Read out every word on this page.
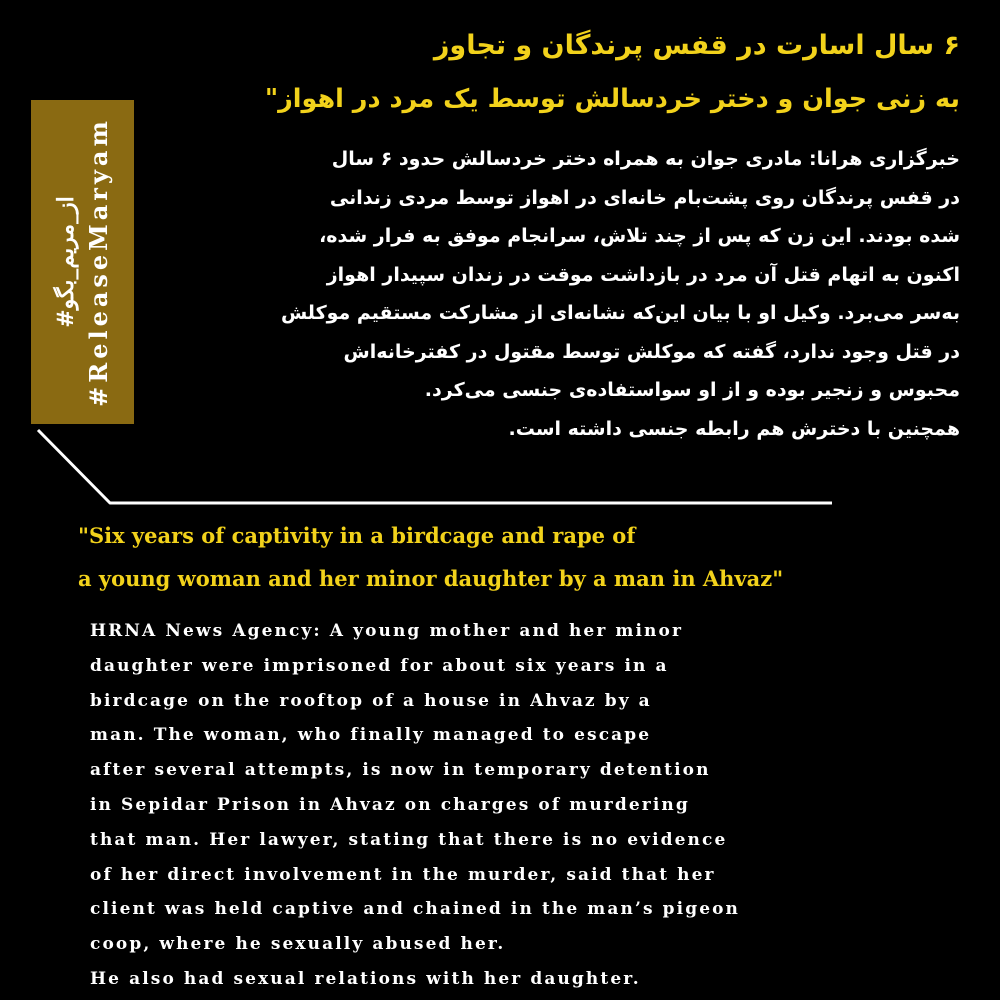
۶ سال اسارت در قفس پرندگان و تجاوز
به زنی جوان و دختر خردسالش توسط یک مرد در اهواز"
خبرگزاری هرانا: مادری جوان به همراه دختر خردسالش حدود ۶ سال
در قفس پرندگان روی پشت‌بام خانه‌ای در اهواز توسط مردی زندانی
شده بودند. این زن که پس از چند تلاش، سرانجام موفق به فرار شده،
اکنون به اتهام قتل آن مرد در بازداشت موقت در زندان سپیدار اهواز
به‌سر می‌برد. وکیل او با بیان این‌که نشانه‌ای از مشارکت مستقیم موکلش
در قتل وجود ندارد، گفته که موکلش توسط مقتول در کفترخانه‌اش
محبوس و زنجیر بوده و از او سواستفاده‌ی جنسی می‌کرد.
همچنین با دخترش هم رابطه جنسی داشته است.
#از_مریم_بگو #ReleaseMaryam
"Six years of captivity in a birdcage and rape of
a young woman and her minor daughter by a man in Ahvaz"
HRNA News Agency: A young mother and her minor
daughter were imprisoned for about six years in a
birdcage on the rooftop of a house in Ahvaz by a
man. The woman, who finally managed to escape
after several attempts, is now in temporary detention
in Sepidar Prison in Ahvaz on charges of murdering
that man. Her lawyer, stating that there is no evidence
of her direct involvement in the murder, said that her
client was held captive and chained in the man’s pigeon
coop, where he sexually abused her.
He also had sexual relations with her daughter.
